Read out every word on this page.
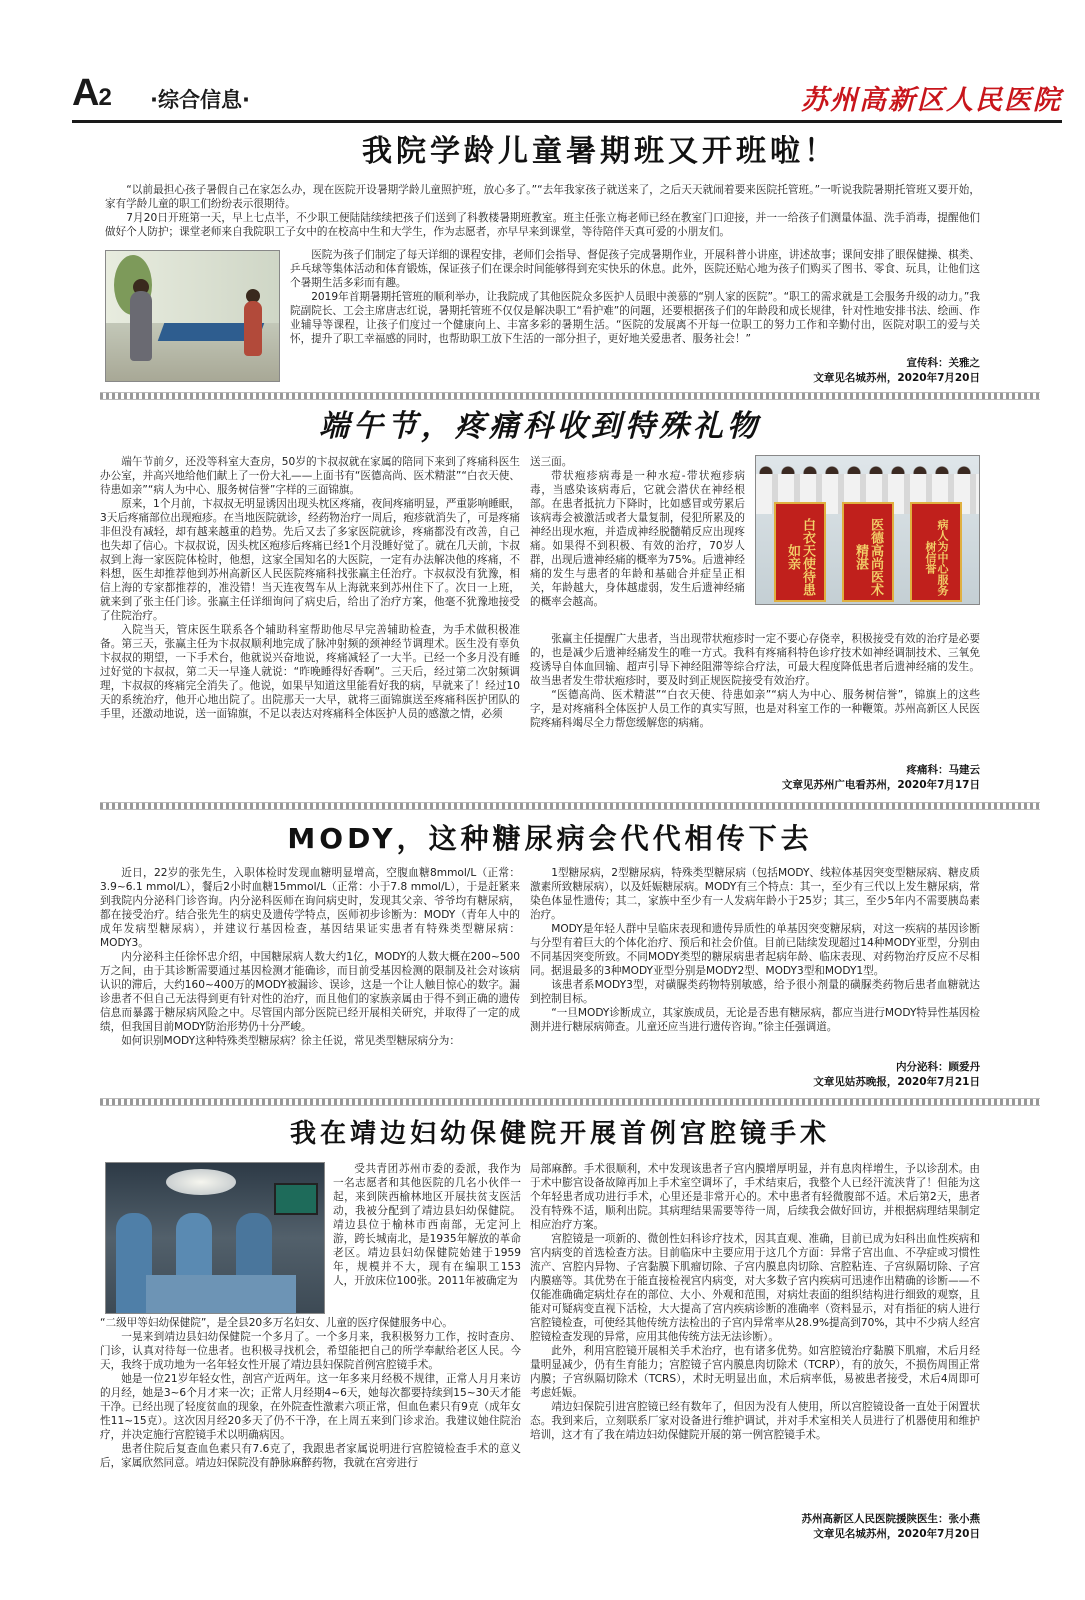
A2 ·综合信息·	苏州高新区人民医院
我院学龄儿童暑期班又开班啦！

“以前最担心孩子暑假自己在家怎么办，现在医院开设暑期学龄儿童照护班，放心多了。”“去年我家孩子就送来了，之后天天就闹着要来医院托管班。”一听说我院暑期托管班又要开始，家有学龄儿童的职工们纷纷表示很期待。

7月20日开班第一天，早上七点半，不少职工便陆陆续续把孩子们送到了科教楼暑期班教室。班主任张立梅老师已经在教室门口迎接，并一一给孩子们测量体温、洗手消毒，提醒他们做好个人防护；课堂老师来自我院职工子女中的在校高中生和大学生，作为志愿者，亦早早来到课堂，等待陪伴天真可爱的小朋友们。

医院为孩子们制定了每天详细的课程安排，老师们会指导、督促孩子完成暑期作业，开展科普小讲座，讲述故事；课间安排了眼保健操、棋类、乒乓球等集体活动和体育锻炼，保证孩子们在课余时间能够得到充实快乐的休息。此外，医院还贴心地为孩子们购买了图书、零食、玩具，让他们这个暑期生活多彩而有趣。

2019年首期暑期托管班的顺利举办，让我院成了其他医院众多医护人员眼中羡慕的“别人家的医院”。“职工的需求就是工会服务升级的动力。”我院副院长、工会主席唐志红说，暑期托管班不仅仅是解决职工“看护难”的问题，还要根据孩子们的年龄段和成长规律，针对性地安排书法、绘画、作业辅导等课程，让孩子们度过一个健康向上、丰富多彩的暑期生活。“医院的发展离不开每一位职工的努力工作和辛勤付出，医院对职工的爱与关怀，提升了职工幸福感的同时，也帮助职工放下生活的一部分担子，更好地关爱患者、服务社会！”

宣传科：关雅之
文章见名城苏州，2020年7月20日
端午节，疼痛科收到特殊礼物

端午节前夕，还没等科室大查房，50岁的卞叔叔就在家属的陪同下来到了疼痛科医生办公室，并高兴地给他们献上了一份大礼——上面书有“医德高尚、医术精湛”“白衣天使、待患如亲”“病人为中心、服务树信誉”字样的三面锦旗。

原来，1个月前，卞叔叔无明显诱因出现头枕区疼痛，夜间疼痛明显，严重影响睡眠，3天后疼痛部位出现疱疹。在当地医院就诊，经药物治疗一周后，疱疹就消失了，可是疼痛非但没有减轻，却有越来越重的趋势。先后又去了多家医院就诊，疼痛都没有改善，自己也失却了信心。卞叔叔说，因头枕区疱疹后疼痛已经1个月没睡好觉了。就在几天前，卞叔叔到上海一家医院体检时，他想，这家全国知名的大医院，一定有办法解决他的疼痛，不料想，医生却推荐他到苏州高新区人民医院疼痛科找张赢主任治疗。卞叔叔没有犹豫，相信上海的专家都推荐的，准没错！当天连夜驾车从上海就来到苏州住下了。次日一上班，就来到了张主任门诊。张赢主任详细询问了病史后，给出了治疗方案，他毫不犹豫地接受了住院治疗。

入院当天，管床医生联系各个辅助科室帮助他尽早完善辅助检查，为手术做积极准备。第三天，张赢主任为卞叔叔顺利地完成了脉冲射频的颈神经节调理术。医生没有辜负卞叔叔的期望，一下手术台，他就说兴奋地说，疼痛减轻了一大半。已经一个多月没有睡过好觉的卞叔叔，第二天一早逢人就说：“昨晚睡得好香啊”。三天后，经过第二次射频调理，卞叔叔的疼痛完全消失了。他说，如果早知道这里能看好我的病，早就来了！经过10天的系统治疗，他开心地出院了。出院那天一大早，就将三面锦旗送至疼痛科医护团队的手里，还激动地说，送一面锦旗，不足以表达对疼痛科全体医护人员的感激之情，必须

送三面。
带状疱疹病毒是一种水痘-带状疱疹病毒，当感染该病毒后，它就会潜伏在神经根部。在患者抵抗力下降时，比如感冒或劳累后该病毒会被激活或者大量复制，侵犯所累及的神经出现水疱，并造成神经脱髓鞘反应出现疼痛。如果得不到积极、有效的治疗，70岁人群，出现后遗神经痛的概率为75%。后遗神经痛的发生与患者的年龄和基础合并症呈正相关，年龄越大，身体越虚弱，发生后遗神经痛的概率会越高。
白衣天使待患如亲	医德高尚医术精湛	病人为中心服务树信誉

张赢主任提醒广大患者，当出现带状疱疹时一定不要心存侥幸，积极接受有效的治疗是必要的，也是减少后遗神经痛发生的唯一方式。我科有疼痛科特色诊疗技术如神经调制技术、三氧免疫诱导自体血回输、超声引导下神经阻滞等综合疗法，可最大程度降低患者后遗神经痛的发生。故当患者发生带状疱疹时，要及时到正规医院接受有效治疗。

“医德高尚、医术精湛”“白衣天使、待患如亲”“病人为中心、服务树信誉”，锦旗上的这些字，是对疼痛科全体医护人员工作的真实写照，也是对科室工作的一种鞭策。苏州高新区人民医院疼痛科竭尽全力帮您缓解您的病痛。

疼痛科：马建云
文章见苏州广电看苏州，2020年7月17日
MODY，这种糖尿病会代代相传下去

近日，22岁的张先生，入职体检时发现血糖明显增高，空腹血糖8mmol/L（正常：3.9~6.1 mmol/L），餐后2小时血糖15mmol/L（正常：小于7.8 mmol/L），于是赶紧来到我院内分泌科门诊咨询。内分泌科医师在询问病史时，发现其父亲、爷爷均有糖尿病，都在接受治疗。结合张先生的病史及遗传学特点，医师初步诊断为：MODY（青年人中的成年发病型糖尿病），并建议行基因检查，基因结果证实患者有特殊类型糖尿病：MODY3。

内分泌科主任徐怀忠介绍，中国糖尿病人数大约1亿，MODY的人数大概在200~500万之间，由于其诊断需要通过基因检测才能确诊，而目前受基因检测的限制及社会对该病认识的滞后，大约160~400万的MODY被漏诊、误诊，这是一个让人触目惊心的数字。漏诊患者不但自己无法得到更有针对性的治疗，而且他们的家族亲属由于得不到正确的遗传信息而暴露于糖尿病风险之中。尽管国内部分医院已经开展相关研究，并取得了一定的成绩，但我国目前MODY防治形势仍十分严峻。

如何识别MODY这种特殊类型糖尿病？徐主任说，常见类型糖尿病分为：

1型糖尿病，2型糖尿病，特殊类型糖尿病（包括MODY、线粒体基因突变型糖尿病、糖皮质激素所致糖尿病），以及妊娠糖尿病。MODY有三个特点：其一，至少有三代以上发生糖尿病，常染色体显性遗传；其二，家族中至少有一人发病年龄小于25岁；其三，至少5年内不需要胰岛素治疗。

MODY是年轻人群中呈临床表现和遗传异质性的单基因突变糖尿病，对这一疾病的基因诊断与分型有着巨大的个体化治疗、预后和社会价值。目前已陆续发现超过14种MODY亚型，分别由不同基因突变所致。不同MODY类型的糖尿病患者起病年龄、临床表现、对药物治疗反应不尽相同。据退最多的3种MODY亚型分别是MODY2型、MODY3型和MODY1型。

该患者系MODY3型，对磺脲类药物特别敏感，给予很小剂量的磺脲类药物后患者血糖就达到控制目标。

“一旦MODY诊断成立，其家族成员，无论是否患有糖尿病，都应当进行MODY特异性基因检测并进行糖尿病筛查。儿童还应当进行遗传咨询。”徐主任强调道。

内分泌科：顾爱丹
文章见姑苏晚报，2020年7月21日
我在靖边妇幼保健院开展首例宫腔镜手术
受共青团苏州市委的委派，我作为一名志愿者和其他医院的几名小伙伴一起，来到陕西榆林地区开展扶贫支医活动，我被分配到了靖边县妇幼保健院。靖边县位于榆林市西南部，无定河上游，跨长城南北，是1935年解放的革命老区。靖边县妇幼保健院始建于1959年，规模并不大，现有在编职工153人，开放床位100张。2011年被确定为

“二级甲等妇幼保健院”，是全县20多万名妇女、儿童的医疗保健服务中心。

一晃来到靖边县妇幼保健院一个多月了。一个多月来，我积极努力工作，按时查房、门诊，认真对待每一位患者。也积极寻找机会，希望能把自己的所学奉献给老区人民。今天，我终于成功地为一名年轻女性开展了靖边县妇保院首例宫腔镜手术。

她是一位21岁年轻女性，剖宫产近两年。这一年多来月经极不规律，正常人月月来访的月经，她是3~6个月才来一次；正常人月经期4~6天，她每次都要持续到15~30天才能干净。已经出现了轻度贫血的现象，在外院查性激素六项正常，但血色素只有9克（成年女性11~15克）。这次因月经20多天了仍不干净，在上周五来到门诊求治。我建议她住院治疗，并决定施行宫腔镜手术以明确病因。

患者住院后复查血色素只有7.6克了，我跟患者家属说明进行宫腔镜检查手术的意义后，家属欣然同意。靖边妇保院没有静脉麻醉药物，我就在宫旁进行

局部麻醉。手术很顺利，术中发现该患者子宫内膜增厚明显，并有息肉样增生，予以诊刮术。由于术中膨宫设备故障再加上手术室空调坏了，手术结束后，我整个人已经汗流浃背了！但能为这个年轻患者成功进行手术，心里还是非常开心的。术中患者有轻微腹部不适。术后第2天，患者没有特殊不适，顺利出院。其病理结果需要等待一周，后续我会做好回访，并根据病理结果制定相应治疗方案。

宫腔镜是一项新的、微创性妇科诊疗技术，因其直观、准确，目前已成为妇科出血性疾病和宫内病变的首选检查方法。目前临床中主要应用于这几个方面：异常子宫出血、不孕症或习惯性流产、宫腔内异物、子宫黏膜下肌瘤切除、子宫内膜息肉切除、宫腔粘连、子宫纵隔切除、子宫内膜癌等。其优势在于能直接检视宫内病变，对大多数子宫内疾病可迅速作出精确的诊断——不仅能准确确定病灶存在的部位、大小、外观和范围，对病灶表面的组织结构进行细致的观察，且能对可疑病变直视下活检，大大提高了宫内疾病诊断的准确率（资料显示，对有指征的病人进行宫腔镜检查，可使经其他传统方法检出的子宫内异常率从28.9%提高到70%，其中不少病人经宫腔镜检查发现的异常，应用其他传统方法无法诊断）。

此外，利用宫腔镜开展相关手术治疗，也有诸多优势。如宫腔镜治疗黏膜下肌瘤，术后月经量明显减少，仍有生育能力；宫腔镜子宫内膜息肉切除术（TCRP），有的放矢，不损伤周围正常内膜；子宫纵隔切除术（TCRS），术时无明显出血，术后病率低，易被患者接受，术后4周即可考虑妊娠。

靖边妇保院引进宫腔镜已经有数年了，但因为没有人使用，所以宫腔镜设备一直处于闲置状态。我到来后，立刻联系厂家对设备进行维护调试，并对手术室相关人员进行了机器使用和维护培训，这才有了我在靖边妇幼保健院开展的第一例宫腔镜手术。

苏州高新区人民医院援陕医生：张小燕
文章见名城苏州，2020年7月20日
